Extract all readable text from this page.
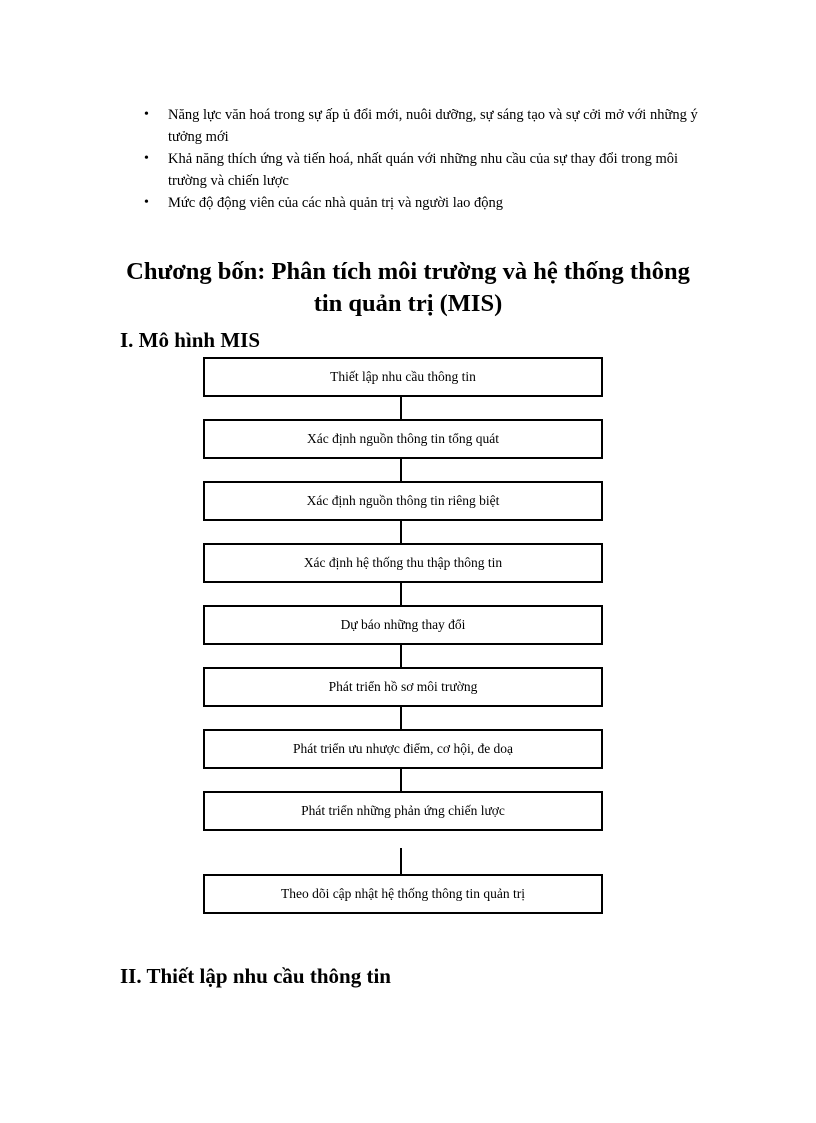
• Năng lực văn hoá trong sự ấp ủ đổi mới, nuôi dưỡng, sự sáng tạo và sự cởi mở với những ý tưởng mới
• Khả năng thích ứng và tiến hoá, nhất quán với những nhu cầu của sự thay đổi trong môi trường và chiến lược
• Mức độ động viên của các nhà quản trị và người lao động
Chương bốn: Phân tích môi trường và hệ thống thông tin quản trị (MIS)
I. Mô hình MIS
Thiết lập nhu cầu thông tin
Xác định nguồn thông tin tổng quát
Xác định nguồn thông tin riêng biệt
Xác định hệ thống thu thập thông tin
Dự báo những thay đổi
Phát triển hồ sơ môi trường
Phát triển ưu nhược điểm, cơ hội, đe doạ
Phát triển những phản ứng chiến lược
Theo dõi cập nhật hệ thống thông tin quản trị
II. Thiết lập nhu cầu thông tin
